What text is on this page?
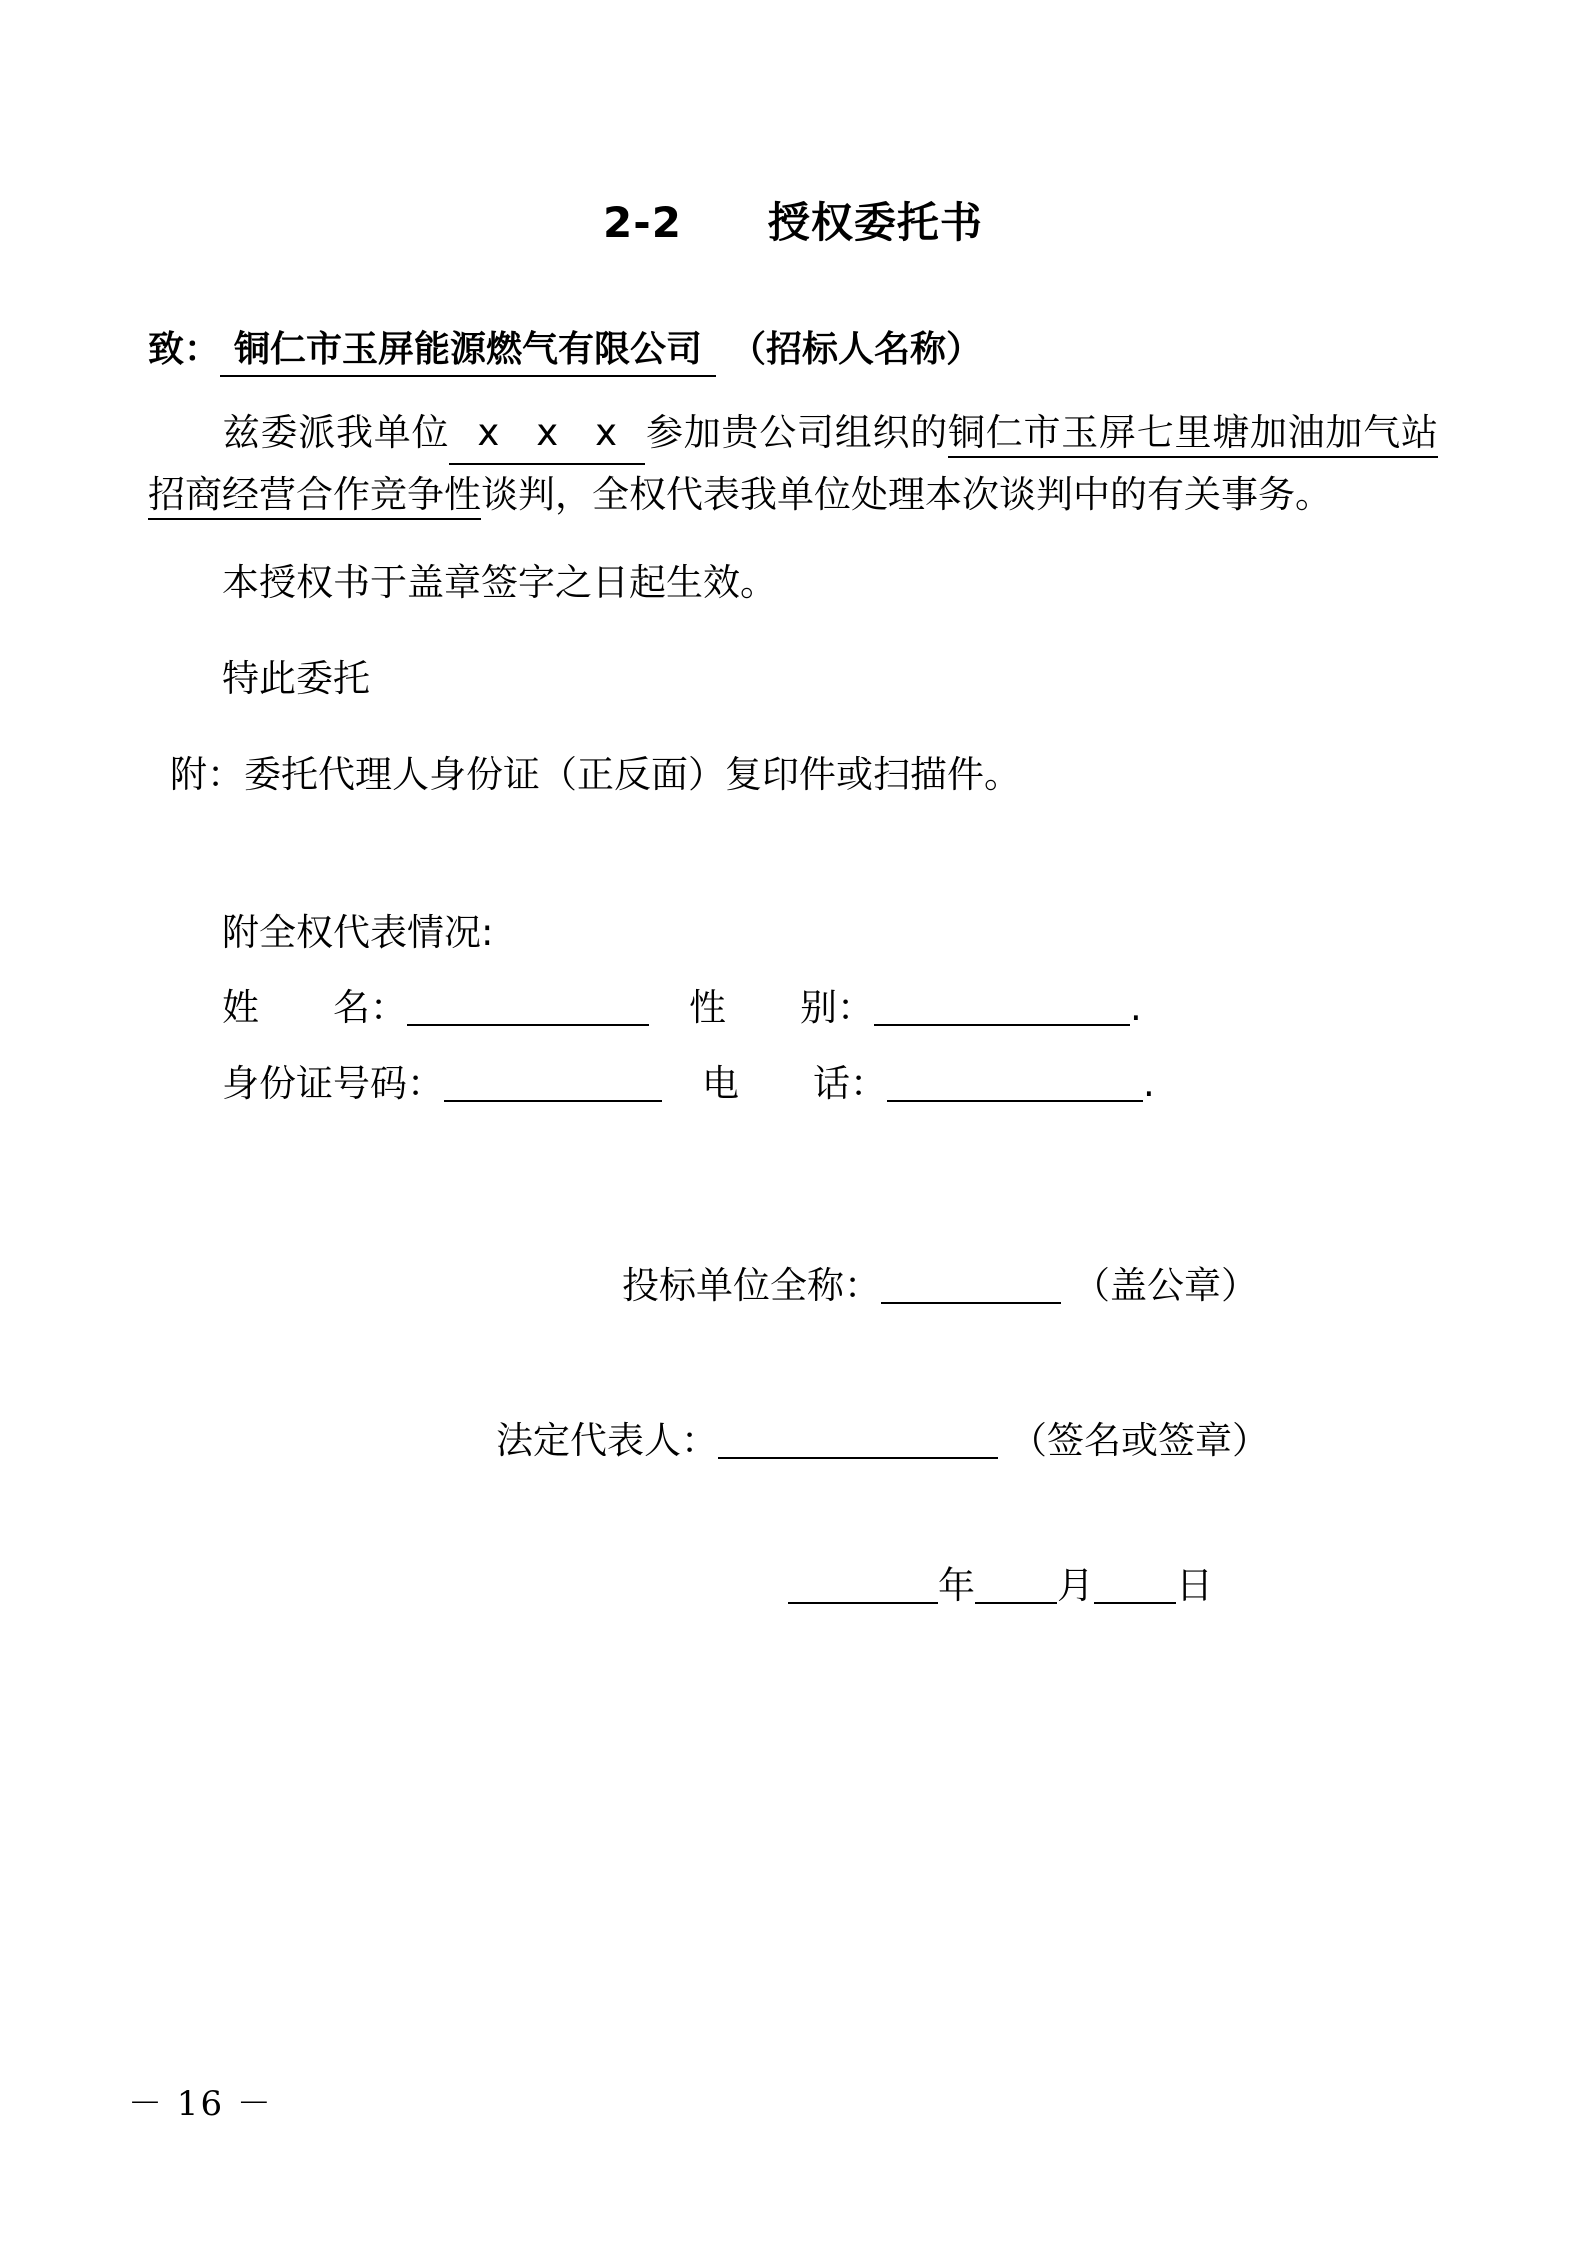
2-2　　授权委托书
致： 铜仁市玉屏能源燃气有限公司 （招标人名称）

兹委派我单位 x　x　x 参加贵公司组织的铜仁市玉屏七里塘加油加气站招商经营合作竞争性谈判，全权代表我单位处理本次谈判中的有关事务。

本授权书于盖章签字之日起生效。

特此委托

附：委托代理人身份证（正反面）复印件或扫描件。

附全权代表情况:
姓　　名：	性　　别：	.
身份证号码：	电　　话：	.
投标单位全称：	（盖公章）
法定代表人：	（签名或签章）
年 月 日
－ 16 －
